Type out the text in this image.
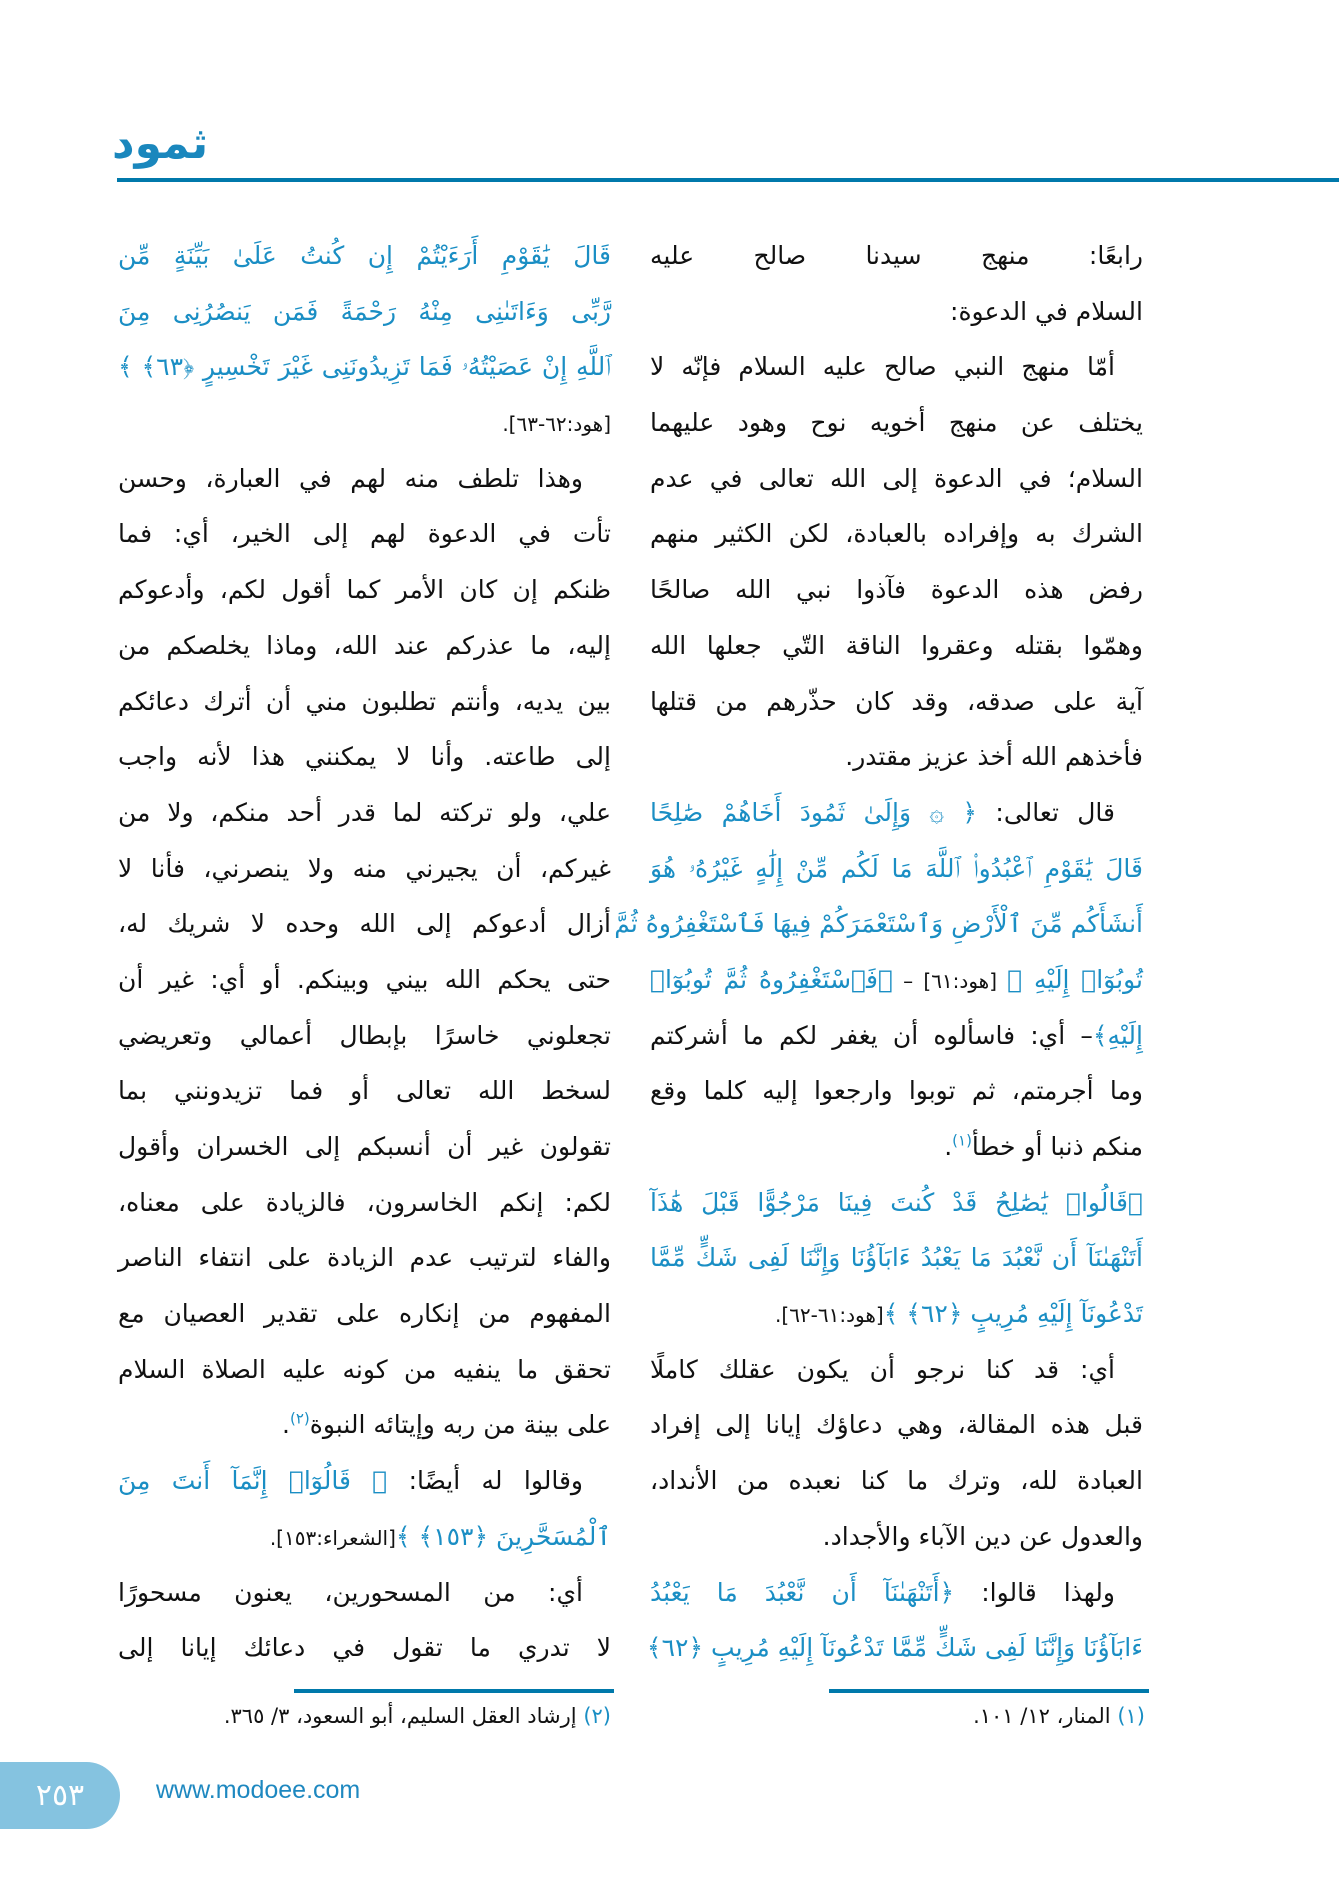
ثمود
رابعًا: منهج سيدنا صالح عليه
السلام في الدعوة:
أمّا منهج النبي صالح عليه السلام فإنّه لا
يختلف عن منهج أخويه نوح وهود عليهما
السلام؛ في الدعوة إلى الله تعالى في عدم
الشرك به وإفراده بالعبادة، لكن الكثير منهم
رفض هذه الدعوة فآذوا نبي الله صالحًا
وهمّوا بقتله وعقروا الناقة التّي جعلها الله
آية على صدقه، وقد كان حذّرهم من قتلها
فأخذهم الله أخذ عزيز مقتدر.
قال تعالى: ﴿ ۞ وَإِلَىٰ ثَمُودَ أَخَاهُمْ صَٰلِحًا
قَالَ يَٰقَوْمِ ٱعْبُدُوا۟ ٱللَّهَ مَا لَكُم مِّنْ إِلَٰهٍ غَيْرُهُۥ هُوَ
أَنشَأَكُم مِّنَ ٱلْأَرْضِ وَٱسْتَعْمَرَكُمْ فِيهَا فَٱسْتَغْفِرُوهُ ثُمَّ
تُوبُوٓا۟ إِلَيْهِ ﴾ [هود:٦١] – ﴿فَٱسْتَغْفِرُوهُ ثُمَّ تُوبُوٓا۟
إِلَيْهِ﴾– أي: فاسألوه أن يغفر لكم ما أشركتم
وما أجرمتم، ثم توبوا وارجعوا إليه كلما وقع
منكم ذنبا أو خطأ$^{(١)}$.
﴿قَالُوا۟ يَٰصَٰلِحُ قَدْ كُنتَ فِينَا مَرْجُوًّا قَبْلَ هَٰذَآ
أَتَنْهَىٰنَآ أَن نَّعْبُدَ مَا يَعْبُدُ ءَابَآؤُنَا وَإِنَّنَا لَفِى شَكٍّ مِّمَّا
تَدْعُونَآ إِلَيْهِ مُرِيبٍ ﴿٦٢﴾ ﴾[هود:٦١-٦٢].
أي: قد كنا نرجو أن يكون عقلك كاملًا
قبل هذه المقالة، وهي دعاؤك إيانا إلى إفراد
العبادة لله، وترك ما كنا نعبده من الأنداد،
والعدول عن دين الآباء والأجداد.
ولهذا قالوا: ﴿أَتَنْهَىٰنَآ أَن نَّعْبُدَ مَا يَعْبُدُ
ءَابَآؤُنَا وَإِنَّنَا لَفِى شَكٍّ مِّمَّا تَدْعُونَآ إِلَيْهِ مُرِيبٍ ﴿٦٢﴾
قَالَ يَٰقَوْمِ أَرَءَيْتُمْ إِن كُنتُ عَلَىٰ بَيِّنَةٍ مِّن
رَّبِّى وَءَاتَىٰنِى مِنْهُ رَحْمَةً فَمَن يَنصُرُنِى مِنَ
ٱللَّهِ إِنْ عَصَيْتُهُۥ فَمَا تَزِيدُونَنِى غَيْرَ تَخْسِيرٍ ﴿٦٣﴾ ﴾
[هود:٦٢-٦٣].
وهذا تلطف منه لهم في العبارة، وحسن
تأت في الدعوة لهم إلى الخير، أي: فما
ظنكم إن كان الأمر كما أقول لكم، وأدعوكم
إليه، ما عذركم عند الله، وماذا يخلصكم من
بين يديه، وأنتم تطلبون مني أن أترك دعائكم
إلى طاعته. وأنا لا يمكنني هذا لأنه واجب
علي، ولو تركته لما قدر أحد منكم، ولا من
غيركم، أن يجيرني منه ولا ينصرني، فأنا لا
أزال أدعوكم إلى الله وحده لا شريك له،
حتى يحكم الله بيني وبينكم. أو أي: غير أن
تجعلوني خاسرًا بإبطال أعمالي وتعريضي
لسخط الله تعالى أو فما تزيدونني بما
تقولون غير أن أنسبكم إلى الخسران وأقول
لكم: إنكم الخاسرون، فالزيادة على معناه،
والفاء لترتيب عدم الزيادة على انتفاء الناصر
المفهوم من إنكاره على تقدير العصيان مع
تحقق ما ينفيه من كونه عليه الصلاة السلام
على بينة من ربه وإيتائه النبوة$^{(٢)}$.
وقالوا له أيضًا: ﴿ قَالُوٓا۟ إِنَّمَآ أَنتَ مِنَ
ٱلْمُسَحَّرِينَ ﴿١٥٣﴾ ﴾[الشعراء:١٥٣].
أي: من المسحورين، يعنون مسحورًا
لا تدري ما تقول في دعائك إيانا إلى
(١) المنار، ١٢/ ١٠١.
(٢) إرشاد العقل السليم، أبو السعود، ٣/ ٣٦٥.
٢٥٣	www.modoee.com
